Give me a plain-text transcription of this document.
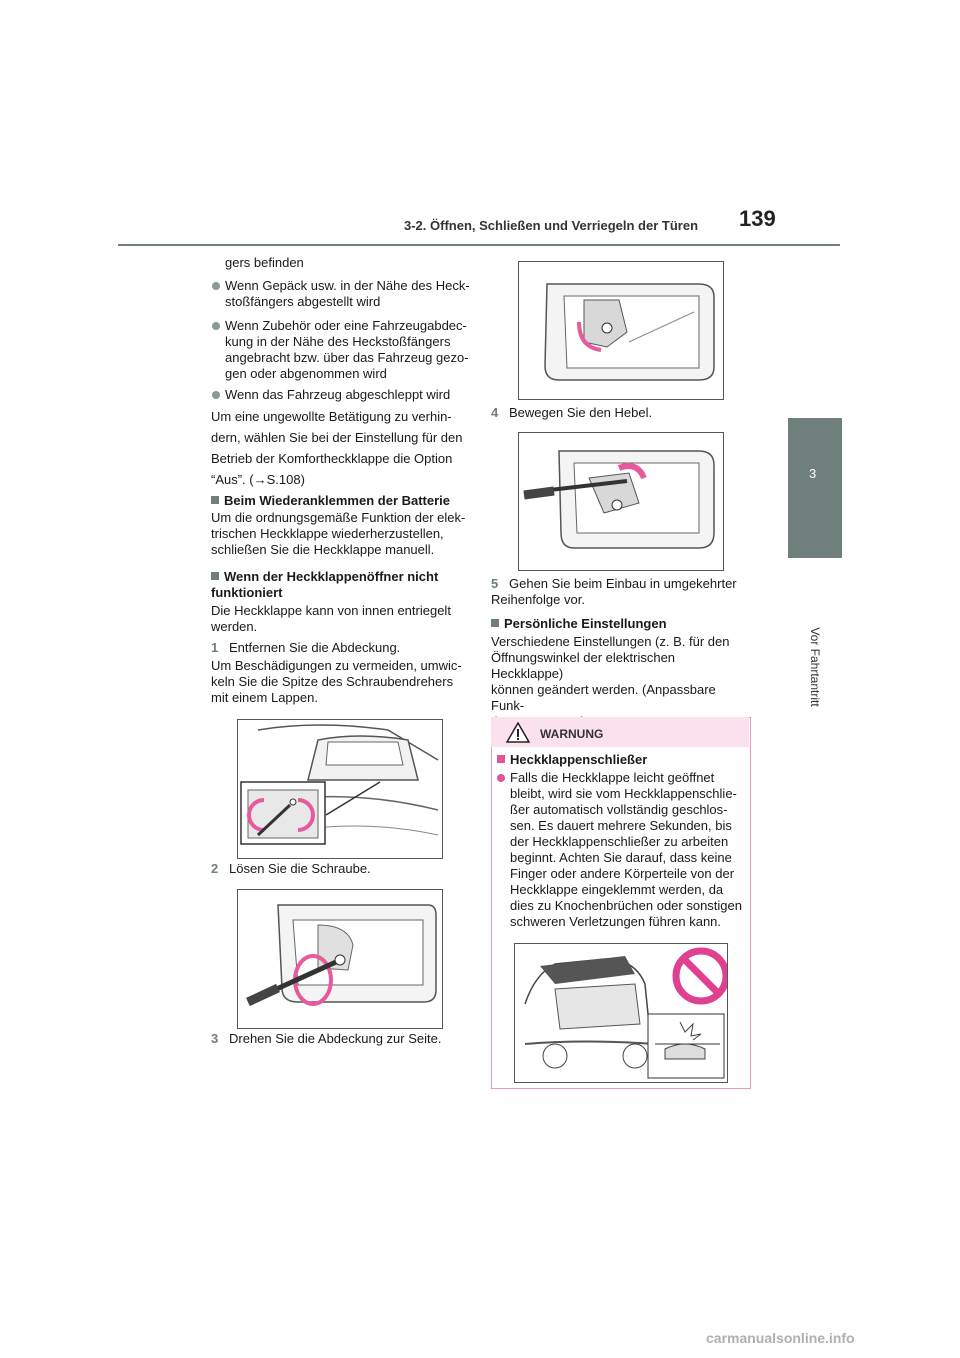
3-2. Öffnen, Schließen und Verriegeln der Türen 139
3
Vor Fahrtantritt
gers befinden
Wenn Gepäck usw. in der Nähe des Heck-
stoßfängers abgestellt wird
Wenn Zubehör oder eine Fahrzeugabdec-
kung in der Nähe des Heckstoßfängers
angebracht bzw. über das Fahrzeug gezo-
gen oder abgenommen wird
Wenn das Fahrzeug abgeschleppt wird
Um eine ungewollte Betätigung zu verhin-
dern, wählen Sie bei der Einstellung für den
Betrieb der Komfortheckklappe die Option
“Aus”. (→S.108)
Beim Wiederanklemmen der Batterie
Um die ordnungsgemäße Funktion der elek-
trischen Heckklappe wiederherzustellen,
schließen Sie die Heckklappe manuell.
Wenn der Heckklappenöffner nicht
funktioniert
Die Heckklappe kann von innen entriegelt
werden.
1 Entfernen Sie die Abdeckung.
Um Beschädigungen zu vermeiden, umwic-
keln Sie die Spitze des Schraubendrehers
mit einem Lappen.
2 Lösen Sie die Schraube.
3 Drehen Sie die Abdeckung zur Seite.
4 Bewegen Sie den Hebel.
5 Gehen Sie beim Einbau in umgekehrter
Reihenfolge vor.
Persönliche Einstellungen
Verschiedene Einstellungen (z. B. für den
Öffnungswinkel der elektrischen Heckklappe)
können geändert werden. (Anpassbare Funk-

WARNUNG
Heckklappenschließer
Falls die Heckklappe leicht geöffnet
bleibt, wird sie vom Heckklappenschlie-
ßer automatisch vollständig geschlos-
sen. Es dauert mehrere Sekunden, bis
der Heckklappenschließer zu arbeiten
beginnt. Achten Sie darauf, dass keine
Finger oder andere Körperteile von der
Heckklappe eingeklemmt werden, da
dies zu Knochenbrüchen oder sonstigen
schweren Verletzungen führen kann.
carmanualsonline.info
